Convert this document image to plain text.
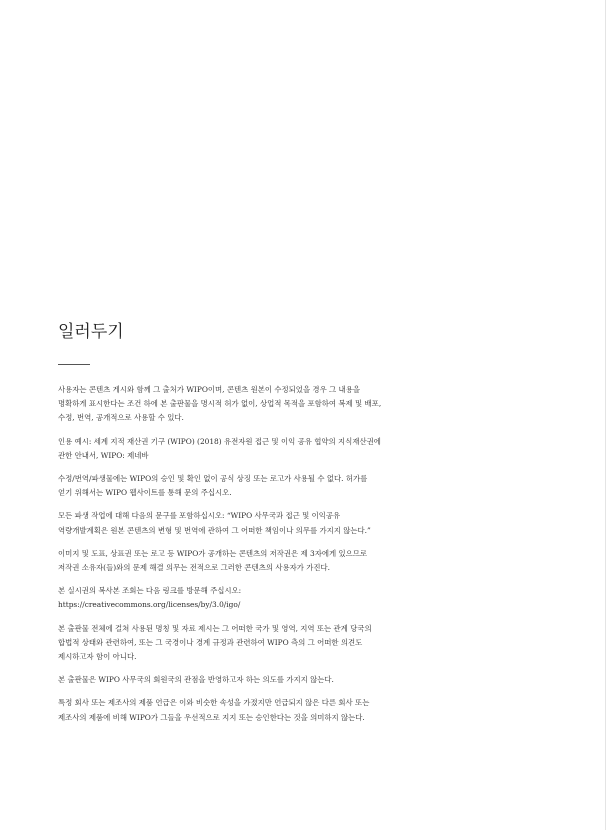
일러두기

사용자는 콘텐츠 게시와 함께 그 출처가 WIPO이며, 콘텐츠 원본이 수정되었을 경우 그 내용을 명확하게 표시한다는 조건 하에 본 출판물을 명시적 허가 없이, 상업적 목적을 포함하여 복제 및 배포, 수정, 번역, 공개적으로 사용할 수 있다.

인용 예시: 세계 지적 재산권 기구 (WIPO) (2018) 유전자원 접근 및 이익 공유 협약의 지식재산권에 관한 안내서, WIPO: 제네바

수정/번역/파생물에는 WIPO의 승인 및 확인 없이 공식 상징 또는 로고가 사용될 수 없다. 허가를 얻기 위해서는 WIPO 웹사이트를 통해 문의 주십시오.

모든 파생 작업에 대해 다음의 문구를 포함하십시오: “WIPO 사무국과 접근 및 이익공유 역량개발계획은 원본 콘텐츠의 변형 및 번역에 관하여 그 어떠한 책임이나 의무를 가지지 않는다.”

이미지 및 도표, 상표권 또는 로고 등 WIPO가 공개하는 콘텐츠의 저작권은 제 3자에게 있으므로 저작권 소유자(들)와의 문제 해결 의무는 전적으로 그러한 콘텐츠의 사용자가 가진다.

본 실시권의 복사본 조회는 다음 링크를 방문해 주십시오: https://creativecommons.org/licenses/by/3.0/igo/

본 출판물 전체에 걸쳐 사용된 명칭 및 자료 제시는 그 어떠한 국가 및 영역, 지역 또는 관계 당국의 합법적 상태와 관련하여, 또는 그 국경이나 경계 규정과 관련하여 WIPO 측의 그 어떠한 의견도 제시하고자 함이 아니다.

본 출판물은 WIPO 사무국의 회원국의 관점을 반영하고자 하는 의도를 가지지 않는다.

특정 회사 또는 제조사의 제품 언급은 이와 비슷한 속성을 가졌지만 언급되지 않은 다른 회사 또는 제조사의 제품에 비해 WIPO가 그들을 우선적으로 지지 또는 승인한다는 것을 의미하지 않는다.
